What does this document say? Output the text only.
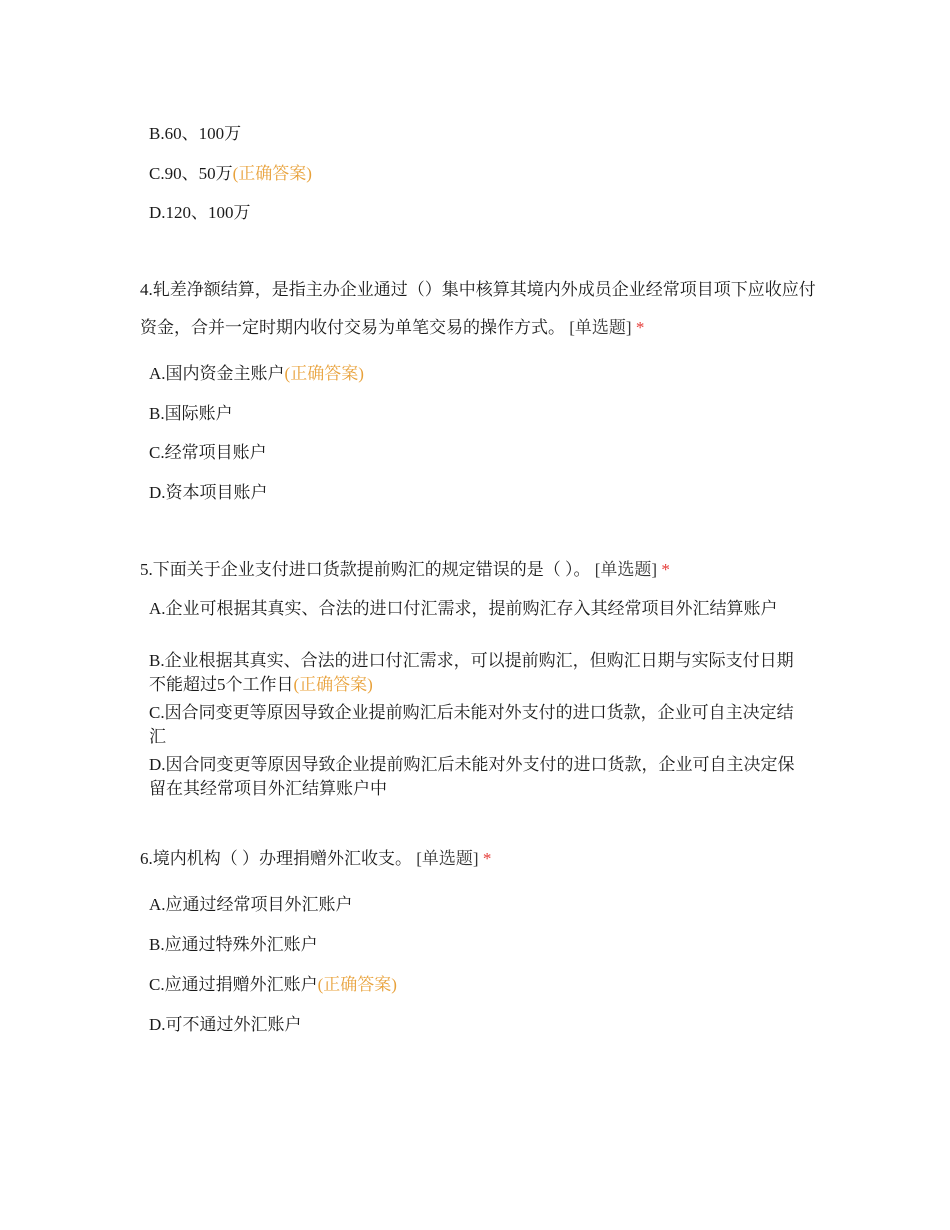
B.60、100万
C.90、50万(正确答案)
D.120、100万
4.轧差净额结算，是指主办企业通过（）集中核算其境内外成员企业经常项目项下应收应付资金，合并一定时期内收付交易为单笔交易的操作方式。 [单选题] *
A.国内资金主账户(正确答案)
B.国际账户
C.经常项目账户
D.资本项目账户
5.下面关于企业支付进口货款提前购汇的规定错误的是（ ）。 [单选题] *
A.企业可根据其真实、合法的进口付汇需求，提前购汇存入其经常项目外汇结算账户
B.企业根据其真实、合法的进口付汇需求，可以提前购汇，但购汇日期与实际支付日期不能超过5个工作日(正确答案)
C.因合同变更等原因导致企业提前购汇后未能对外支付的进口货款，企业可自主决定结汇
D.因合同变更等原因导致企业提前购汇后未能对外支付的进口货款，企业可自主决定保留在其经常项目外汇结算账户中
6.境内机构（ ）办理捐赠外汇收支。 [单选题] *
A.应通过经常项目外汇账户
B.应通过特殊外汇账户
C.应通过捐赠外汇账户(正确答案)
D.可不通过外汇账户
